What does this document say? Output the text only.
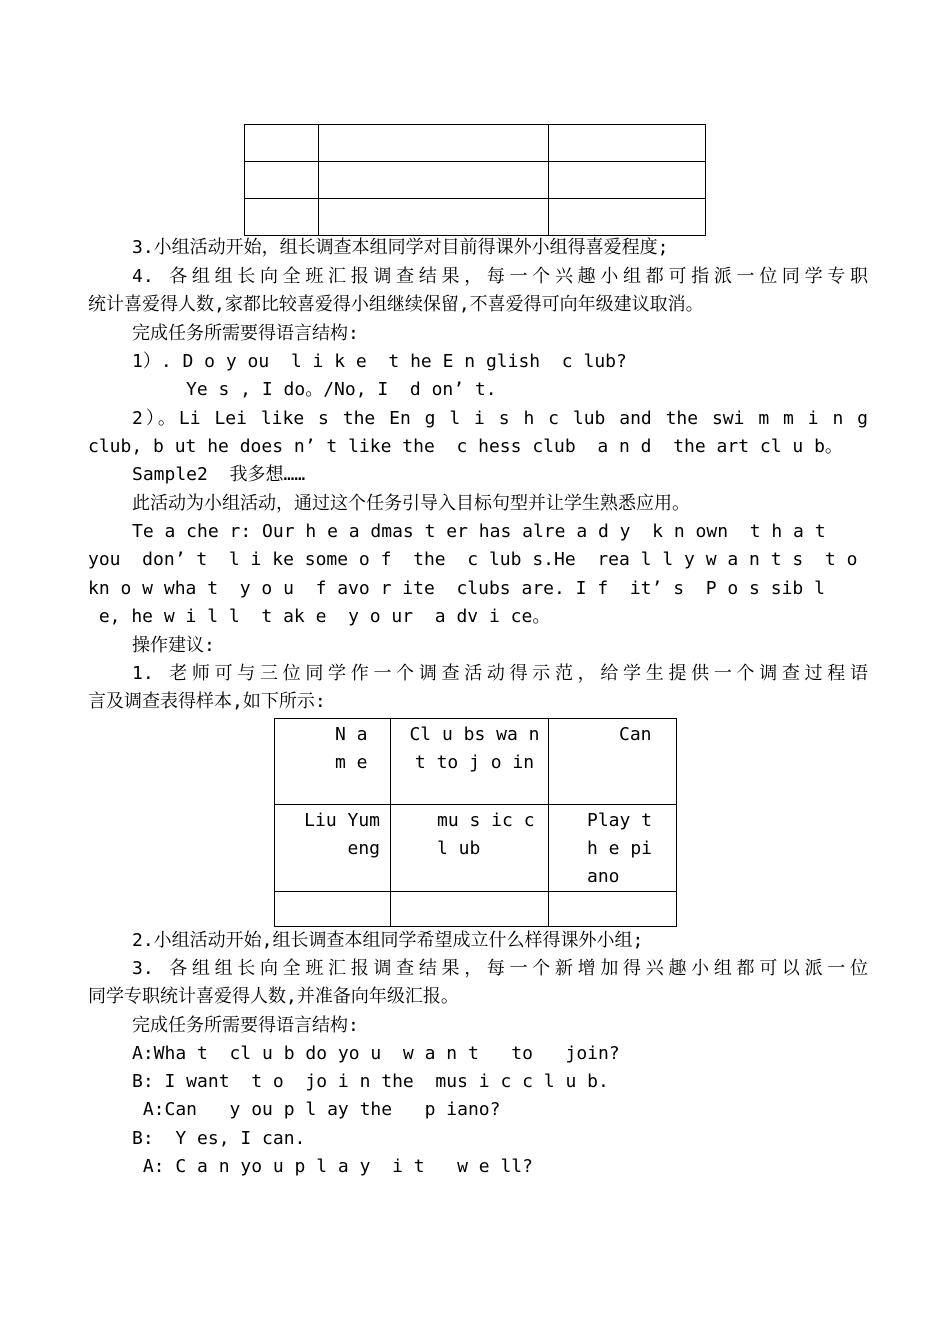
3.小组活动开始，组长调查本组同学对目前得课外小组得喜爱程度;
4. 各组组长向全班汇报调查结果，每一个兴趣小组都可指派一位同学专职
统计喜爱得人数,家都比较喜爱得小组继续保留,不喜爱得可向年级建议取消。
完成任务所需要得语言结构:
1）. D o y ou  l i k e  t he E n glish  c lub?
Ye s , I do。/No, I  d on’ t.
2）。Li Lei like s the En g l i s h c lub and the swi m m i n g
club, b ut he does n’ t like the  c hess club  a n d  the art cl u b。
Sample2  我多想……
此活动为小组活动，通过这个任务引导入目标句型并让学生熟悉应用。
Te a che r: Our h e a dmas t er has alre a d y  k n own  t h a t
you  don’ t  l i ke some o f  the  c lub s.He  rea l l y w a n t s  t o
kn o w wha t  y o u  f avo r ite  clubs are. I f  it’ s  P o s sib l
e, he w i l l  t ak e  y o ur  a dv i ce。
操作建议:
1. 老师可与三位同学作一个调查活动得示范，给学生提供一个调查过程语
言及调查表得样本,如下所示:
N a m e	Cl u bs wa n t to j o in	Can

Liu Yumeng	mu s ic c l ub	Play t h e piano

2.小组活动开始,组长调查本组同学希望成立什么样得课外小组;
3. 各组组长向全班汇报调查结果，每一个新增加得兴趣小组都可以派一位
同学专职统计喜爱得人数,并准备向年级汇报。
完成任务所需要得语言结构:
A:Wha t  cl u b do yo u  w a n t   to   join?
B: I want  t o  jo i n the  mus i c c l u b.
A:Can   y ou p l ay the   p iano?
B:  Y es, I can.
A: C a n yo u p l a y  i t   w e ll?
